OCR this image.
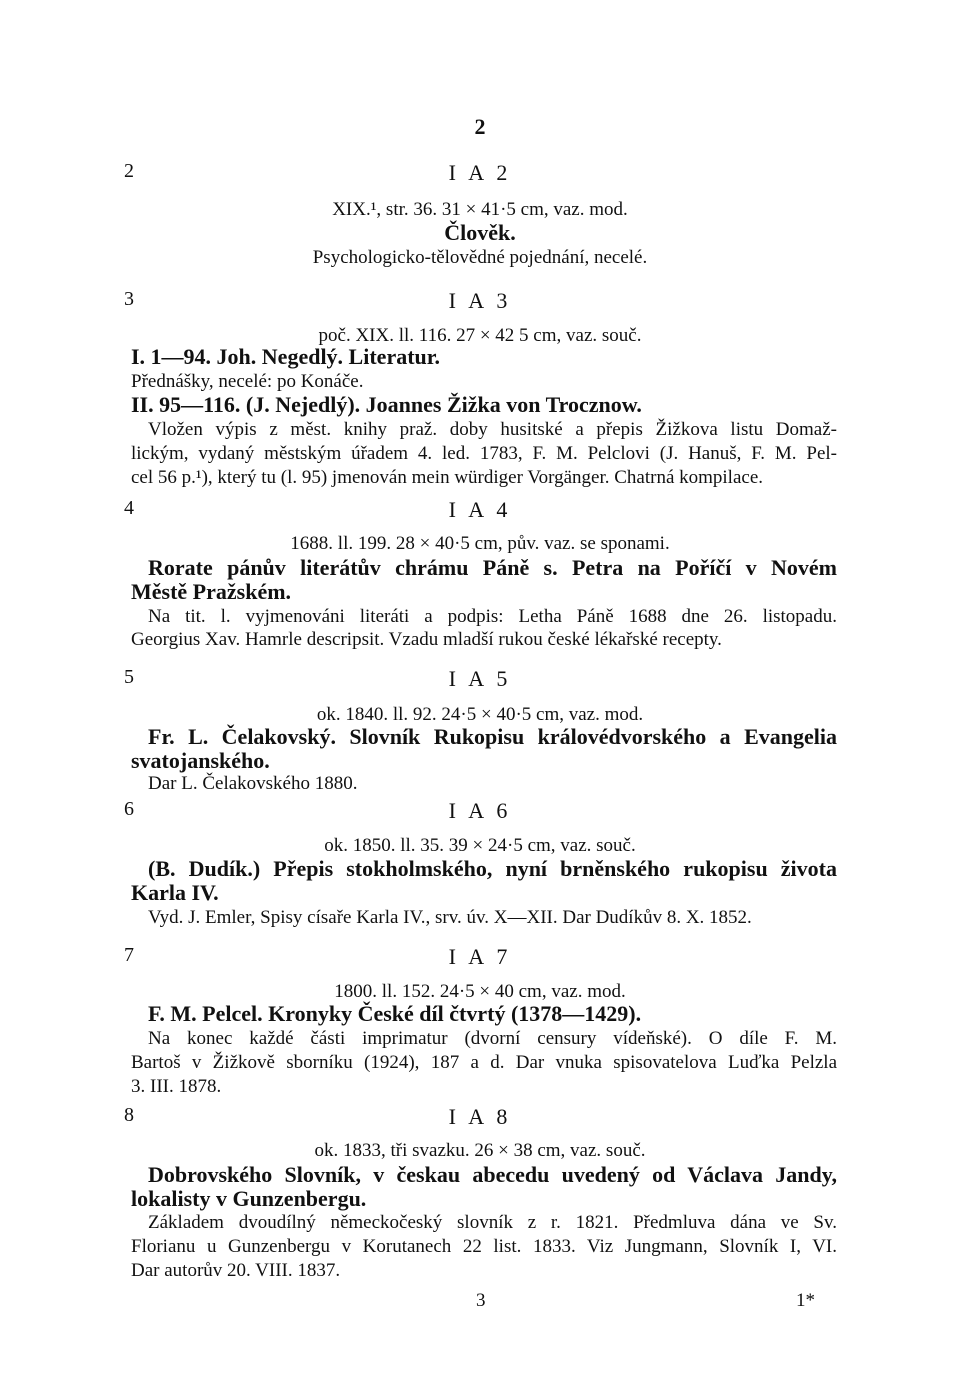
2
2	I A 2
XIX.¹, str. 36. 31 × 41·5 cm, vaz. mod.
Člověk.
Psychologicko-tělovědné pojednání, necelé.
3	I A 3
poč. XIX. ll. 116. 27 × 42 5 cm, vaz. souč.
I. 1—94. Joh. Negedlý. Literatur.
Přednášky, necelé: po Konáče.
II. 95—116. (J. Nejedlý). Joannes Žižka von Trocznow.
Vložen výpis z měst. knihy praž. doby husitské a přepis Žižkova listu Domaž-
lickým, vydaný městským úřadem 4. led. 1783, F. M. Pelclovi (J. Hanuš, F. M. Pel-
cel 56 p.¹), který tu (l. 95) jmenován mein würdiger Vorgänger. Chatrná kompilace.
4	I A 4
1688. ll. 199. 28 × 40·5 cm, pův. vaz. se sponami.
Rorate pánův literátův chrámu Páně s. Petra na Poříčí v Novém
Městě Pražském.
Na tit. l. vyjmenováni literáti a podpis: Letha Páně 1688 dne 26. listopadu.
Georgius Xav. Hamrle descripsit. Vzadu mladší rukou české lékařské recepty.
5	I A 5
ok. 1840. ll. 92. 24·5 × 40·5 cm, vaz. mod.
Fr. L. Čelakovský. Slovník Rukopisu královédvorského a Evangelia
svatojanského.
Dar L. Čelakovského 1880.
6	I A 6
ok. 1850. ll. 35. 39 × 24·5 cm, vaz. souč.
(B. Dudík.) Přepis stokholmského, nyní brněnského rukopisu života
Karla IV.
Vyd. J. Emler, Spisy císaře Karla IV., srv. úv. X—XII. Dar Dudíkův 8. X. 1852.
7	I A 7
1800. ll. 152. 24·5 × 40 cm, vaz. mod.
F. M. Pelcel. Kronyky České díl čtvrtý (1378—1429).
Na konec každé části imprimatur (dvorní censury vídeňské). O díle F. M.
Bartoš v Žižkově sborníku (1924), 187 a d. Dar vnuka spisovatelova Luďka Pelzla
3. III. 1878.
8	I A 8
ok. 1833, tři svazku. 26 × 38 cm, vaz. souč.
Dobrovského Slovník, v českau abecedu uvedený od Václava Jandy,
lokalisty v Gunzenbergu.
Základem dvoudílný německočeský slovník z r. 1821. Předmluva dána ve Sv.
Florianu u Gunzenbergu v Korutanech 22 list. 1833. Viz Jungmann, Slovník I, VI.
Dar autorův 20. VIII. 1837.
3	1*
